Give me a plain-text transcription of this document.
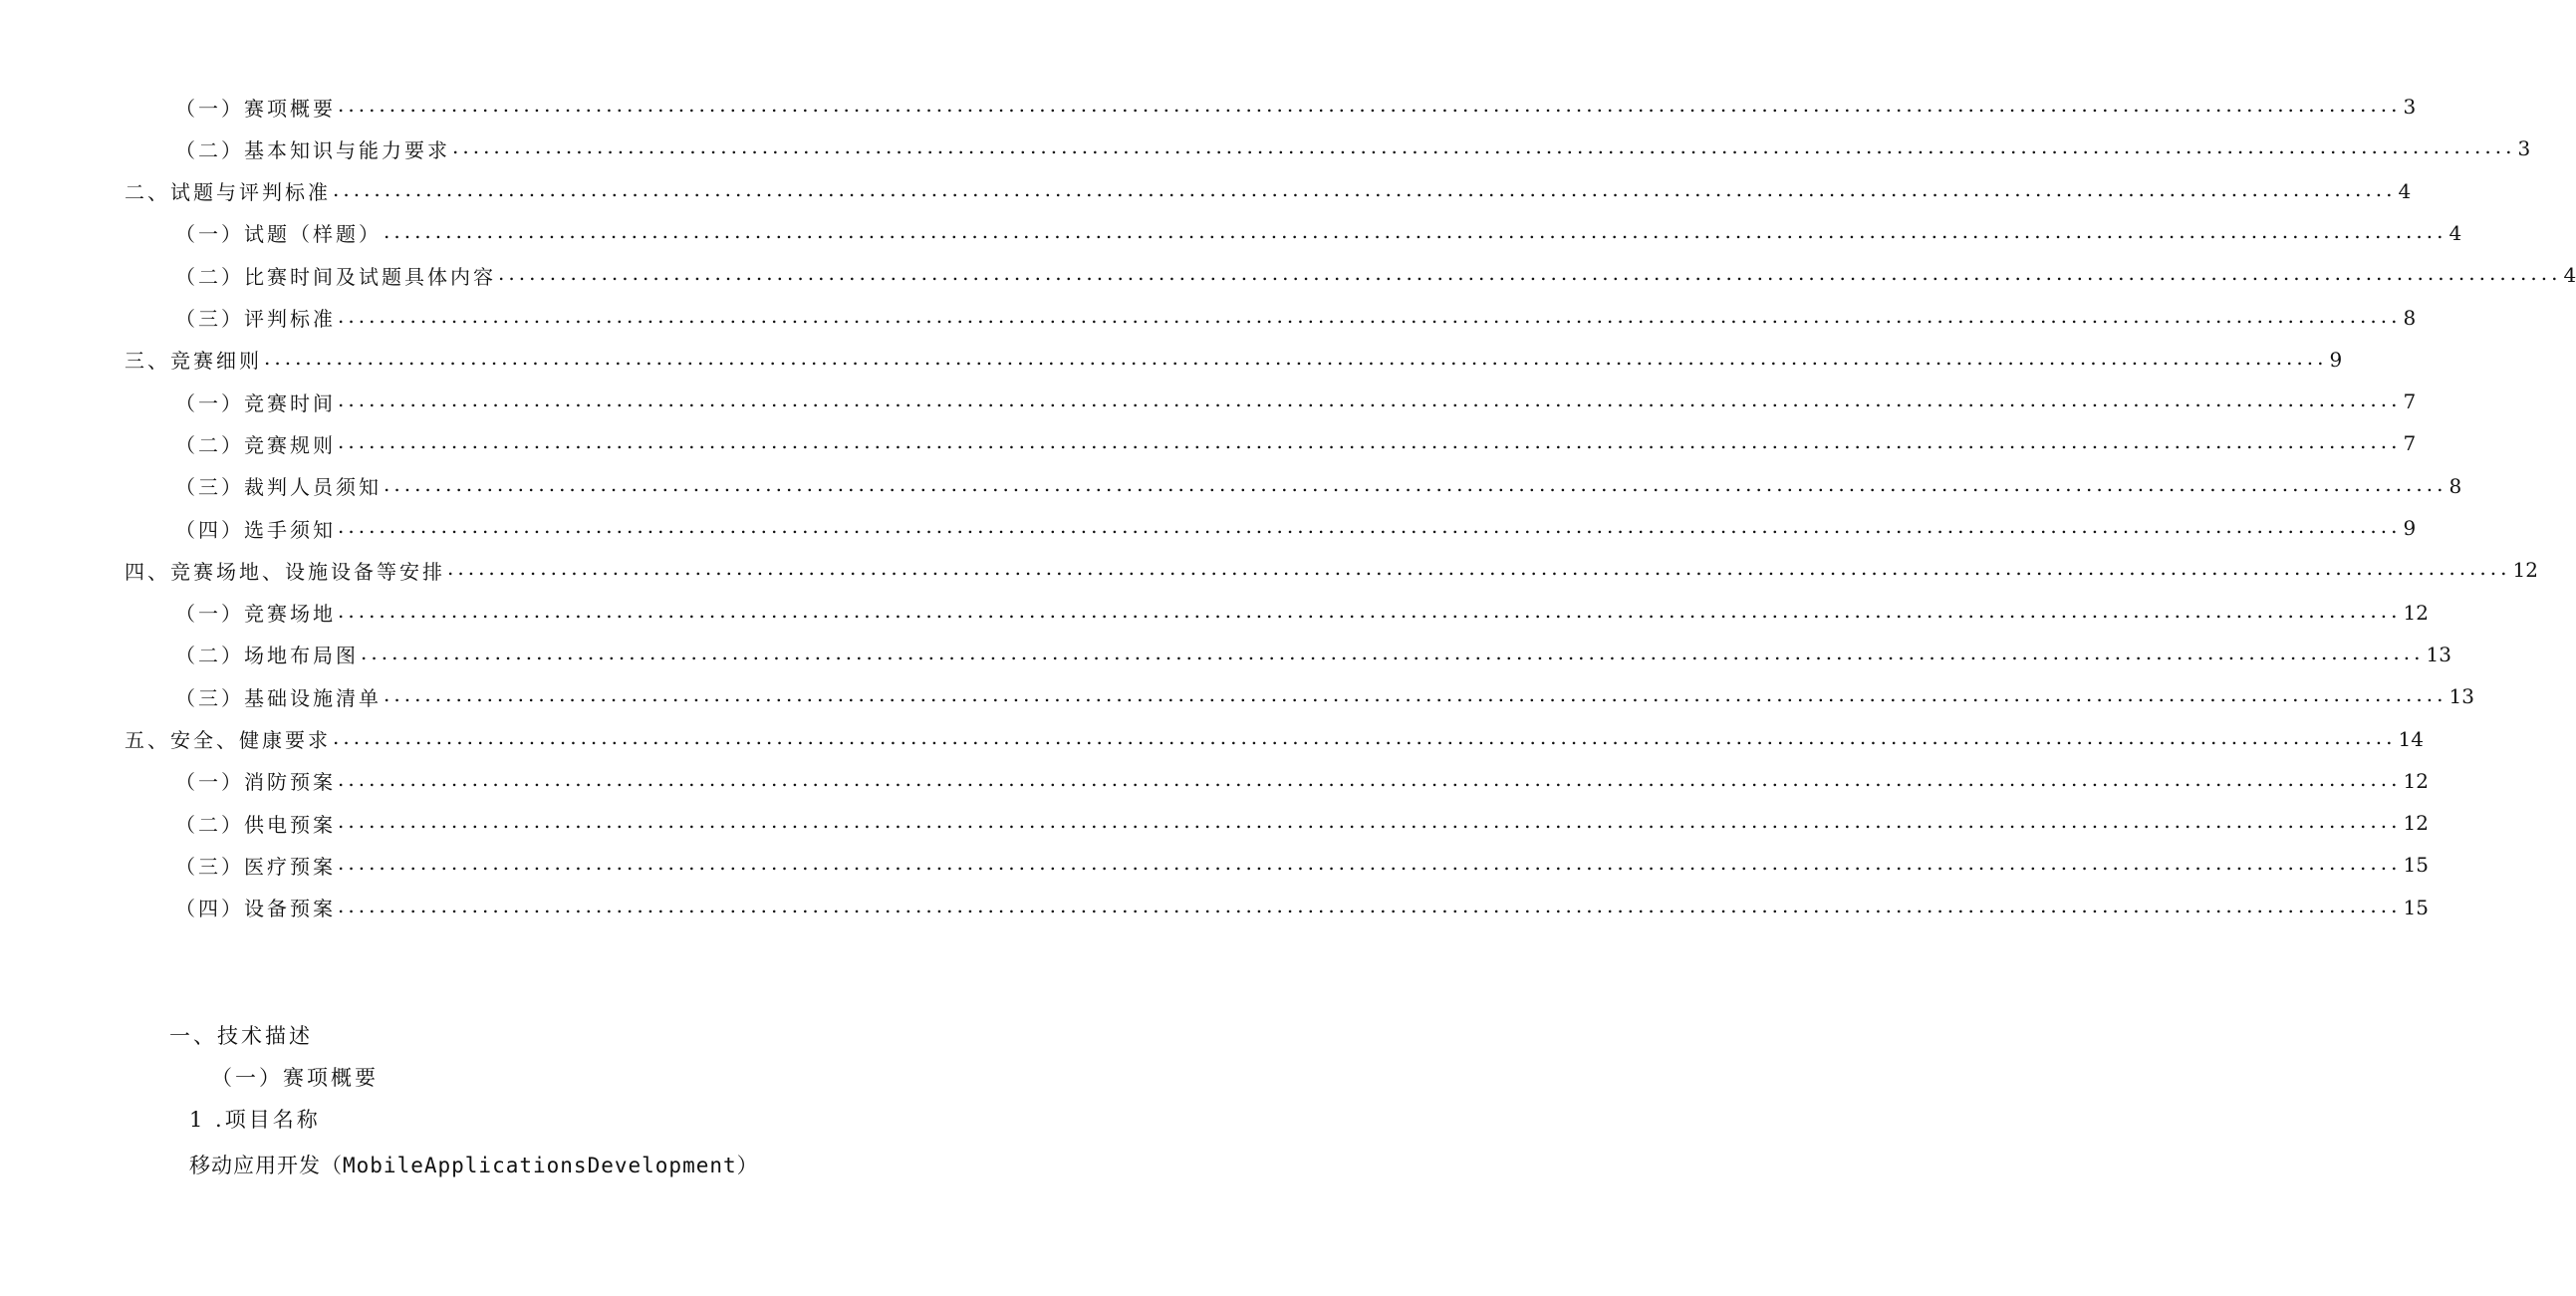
（一）赛项概要 ........................................................................................................................................................................................................ 3
（二）基本知识与能力要求 ........................................................................................................................................................................................................ 3
二、试题与评判标准 ........................................................................................................................................................................................................ 4
（一）试题（样题） ........................................................................................................................................................................................................ 4
（二）比赛时间及试题具体内容 ........................................................................................................................................................................................................ 4
（三）评判标准 ........................................................................................................................................................................................................ 8
三、竞赛细则 ........................................................................................................................................................................................................ 9
（一）竞赛时间 ........................................................................................................................................................................................................ 7
（二）竞赛规则 ........................................................................................................................................................................................................ 7
（三）裁判人员须知 ........................................................................................................................................................................................................ 8
（四）选手须知 ........................................................................................................................................................................................................ 9
四、竞赛场地、设施设备等安排 ........................................................................................................................................................................................................ 12
（一）竞赛场地 ........................................................................................................................................................................................................ 12
（二）场地布局图 ........................................................................................................................................................................................................ 13
（三）基础设施清单 ........................................................................................................................................................................................................ 13
五、安全、健康要求 ........................................................................................................................................................................................................ 14
（一）消防预案 ........................................................................................................................................................................................................ 12
（二）供电预案 ........................................................................................................................................................................................................ 12
（三）医疗预案 ........................................................................................................................................................................................................ 15
（四）设备预案 ........................................................................................................................................................................................................ 15
一、技术描述
（一）赛项概要
1 .项目名称
移动应用开发（MobileApplicationsDevelopment）
